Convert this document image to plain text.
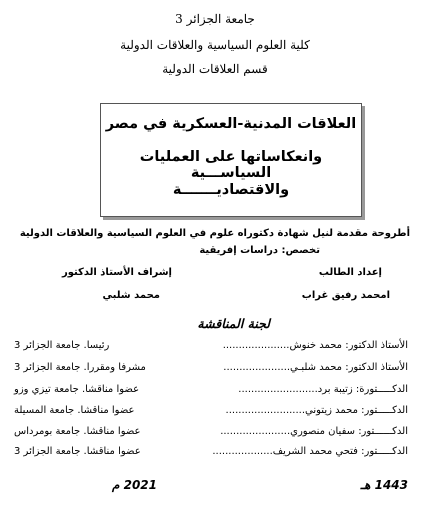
جامعة الجزائر 3
كلية العلوم السياسية والعلاقات الدولية
قسم العلاقات الدولية
العلاقات المدنية-العسكرية في مصر
وانعكاساتها على العمليات السياســـية
والاقتصاديـــــــة
أطروحة مقدمة لنيل شهادة دكتوراه علوم في العلوم السياسية والعلاقات الدولية
تخصص: دراسات إفريقية
إعداد الطالب
إشراف الأستاذ الدكتور
امحمد رفيق غراب
محمد شلبي
لجنة المناقشة
الأستاذ الدكتور: محمد خنوش.....................
رئيسا. جامعة الجزائر 3
الأستاذ الدكتور: محمد شلبـي.....................
مشرفا ومقررا. جامعة الجزائر 3
الدكـــــتورة: زتيبة برد.........................
عضوا مناقشا. جامعة تيزي وزو
الدكـــــتور: محمد زيتوني.........................
عضوا مناقشا. جامعة المسيلة
الدكــــــتور: سفيان منصوري......................
عضوا مناقشا. جامعة بومرداس
الدكـــــتور: فتحي محمد الشريف...................
عضوا مناقشا. جامعة الجزائر 3
1443 هـ
2021 م
